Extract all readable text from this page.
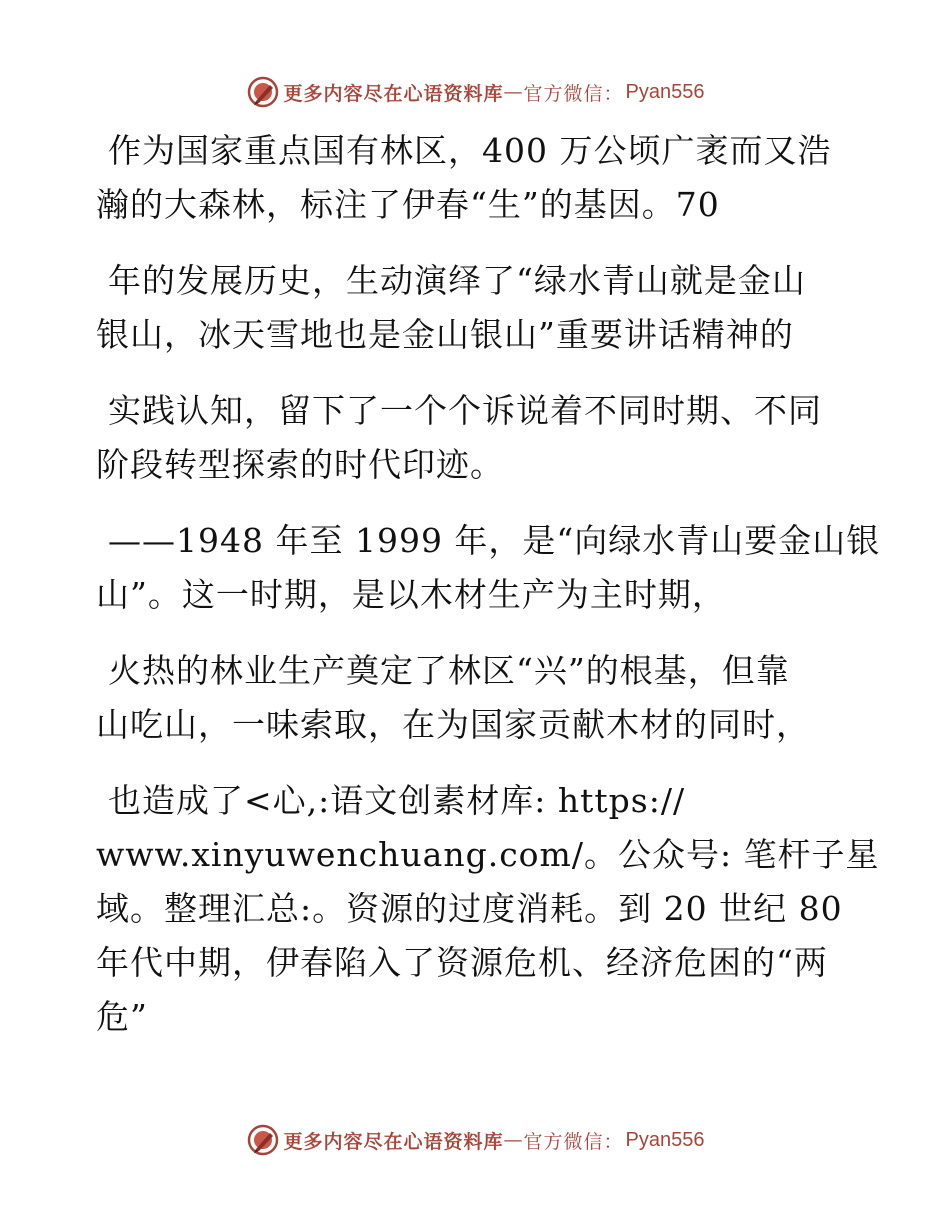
更多内容尽在心语资料库 — 官方微信： Pyan556

作为国家重点国有林区，400 万公顷广袤而又浩
瀚的大森林，标注了伊春“生”的基因。70

年的发展历史，生动演绎了“绿水青山就是金山
银山，冰天雪地也是金山银山”重要讲话精神的

实践认知，留下了一个个诉说着不同时期、不同
阶段转型探索的时代印迹。

——1948 年至 1999 年，是“向绿水青山要金山银
山”。这一时期，是以木材生产为主时期，

火热的林业生产奠定了林区“兴”的根基，但靠
山吃山，一味索取，在为国家贡献木材的同时，

也造成了<心,:语文创素材库: https://
www.xinyuwenchuang.com/。公众号: 笔杆子星
域。整理汇总:。资源的过度消耗。到 20 世纪 80
年代中期，伊春陷入了资源危机、经济危困的“两
危”

更多内容尽在心语资料库 — 官方微信： Pyan556
